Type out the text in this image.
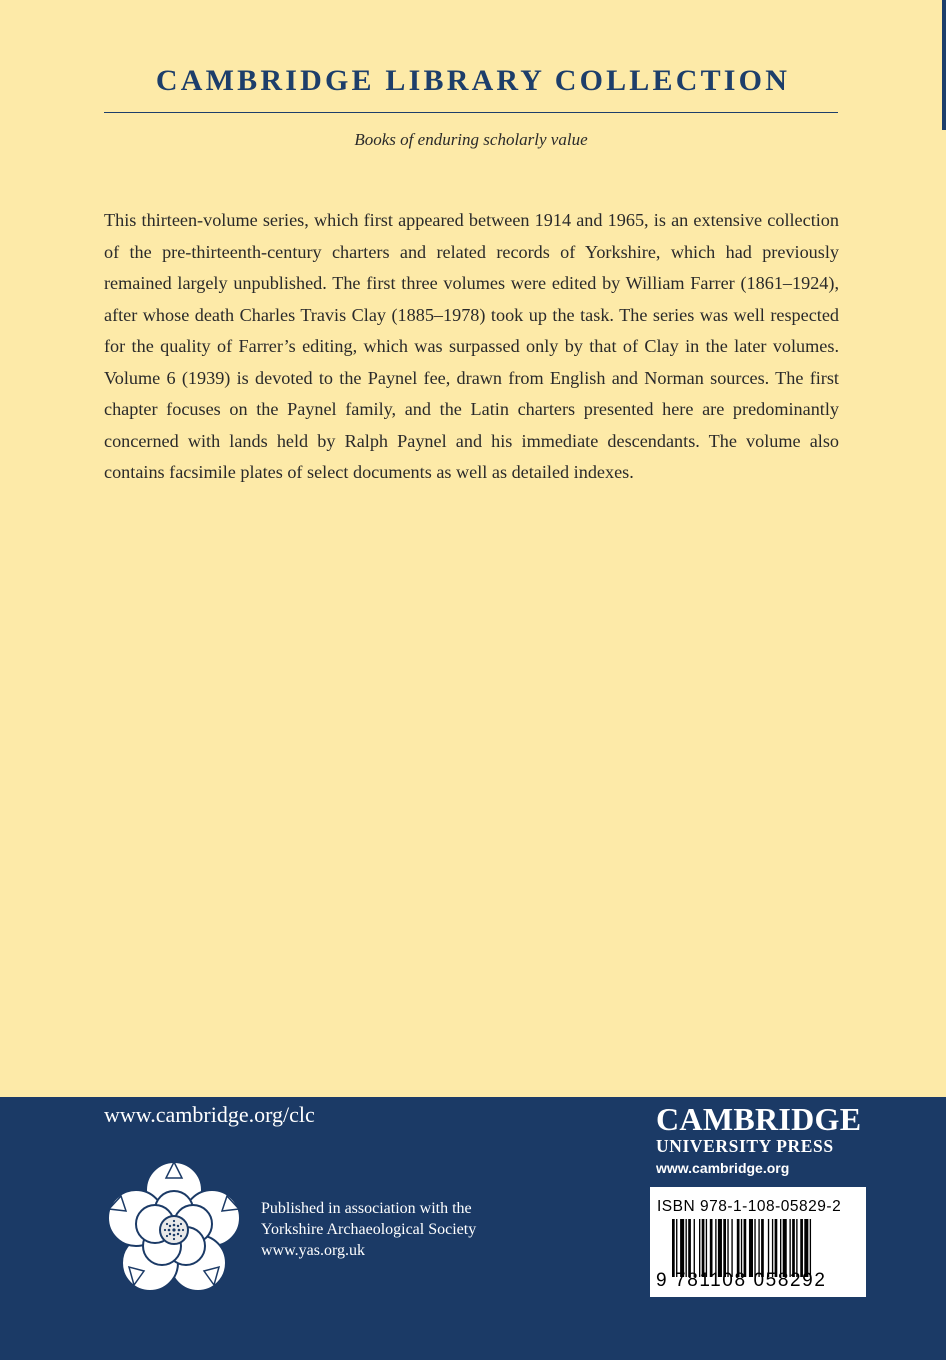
CAMBRIDGE LIBRARY COLLECTION
Books of enduring scholarly value

This thirteen-volume series, which first appeared between 1914 and 1965, is an extensive collection of the pre-thirteenth-century charters and related records of Yorkshire, which had previously remained largely unpublished. The first three volumes were edited by William Farrer (1861–1924), after whose death Charles Travis Clay (1885–1978) took up the task. The series was well respected for the quality of Farrer’s editing, which was surpassed only by that of Clay in the later volumes. Volume 6 (1939) is devoted to the Paynel fee, drawn from English and Norman sources. The first chapter focuses on the Paynel family, and the Latin charters presented here are predominantly concerned with lands held by Ralph Paynel and his immediate descendants. The volume also contains facsimile plates of select documents as well as detailed indexes.

www.cambridge.org/clc
Published in association with the
Yorkshire Archaeological Society
www.yas.org.uk
CAMBRIDGE
UNIVERSITY PRESS
www.cambridge.org
ISBN 978-1-108-05829-2
9 781108 058292
